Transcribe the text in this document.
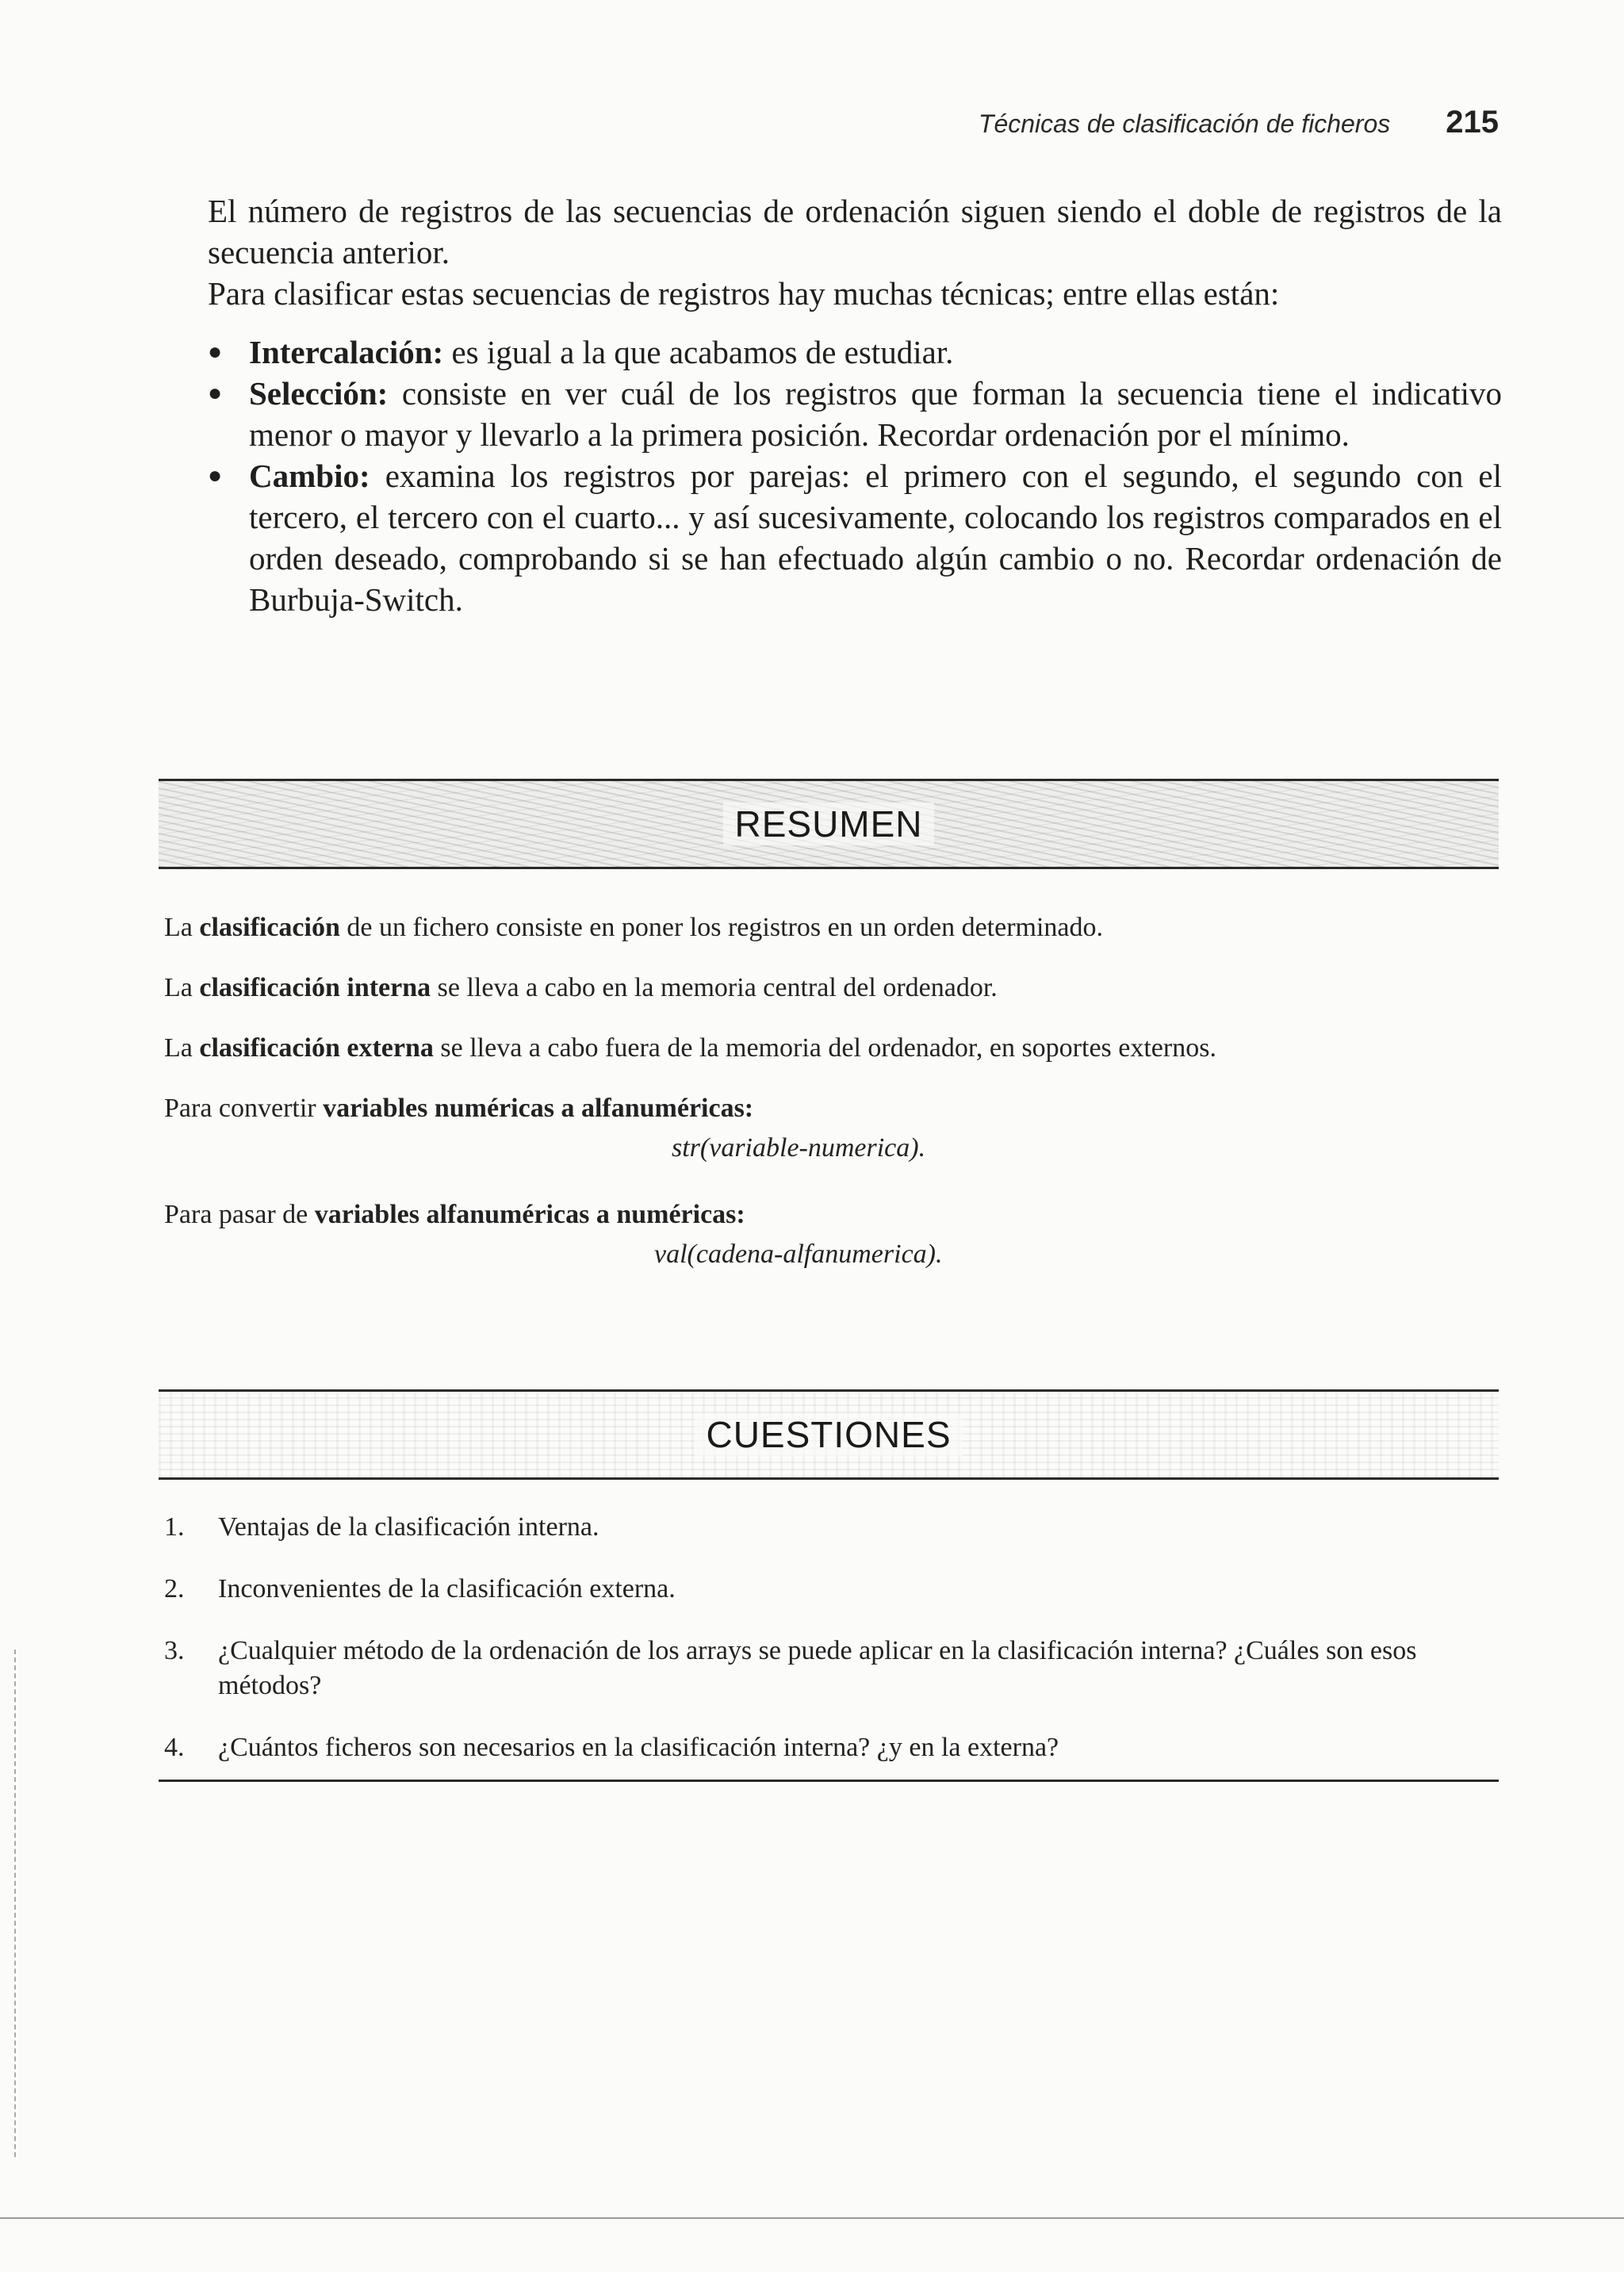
Técnicas de clasificación de ficheros 215

El número de registros de las secuencias de ordenación siguen siendo el doble de registros de la secuencia anterior.

Para clasificar estas secuencias de registros hay muchas técnicas; entre ellas están:

● Intercalación: es igual a la que acabamos de estudiar.
● Selección: consiste en ver cuál de los registros que forman la secuencia tiene el indicativo menor o mayor y llevarlo a la primera posición. Recordar ordenación por el mínimo.
● Cambio: examina los registros por parejas: el primero con el segundo, el segundo con el tercero, el tercero con el cuarto... y así sucesivamente, colocando los registros comparados en el orden deseado, comprobando si se han efectuado algún cambio o no. Recordar ordenación de Burbuja-Switch.
RESUMEN

La clasificación de un fichero consiste en poner los registros en un orden determinado.

La clasificación interna se lleva a cabo en la memoria central del ordenador.

La clasificación externa se lleva a cabo fuera de la memoria del ordenador, en soportes externos.

Para convertir variables numéricas a alfanuméricas:

str(variable-numerica).

Para pasar de variables alfanuméricas a numéricas:

val(cadena-alfanumerica).
CUESTIONES
1.	Ventajas de la clasificación interna.
2.	Inconvenientes de la clasificación externa.
3.	¿Cualquier método de la ordenación de los arrays se puede aplicar en la clasificación interna? ¿Cuáles son esos métodos?
4.	¿Cuántos ficheros son necesarios en la clasificación interna? ¿y en la externa?
